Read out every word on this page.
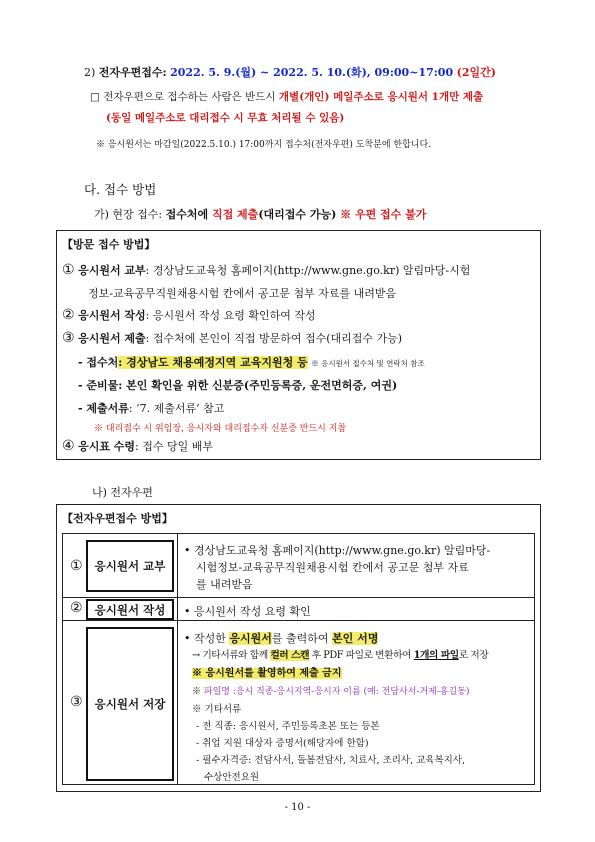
2) 전자우편접수: 2022. 5. 9.(월) ~ 2022. 5. 10.(화), 09:00~17:00 (2일간)
□ 전자우편으로 접수하는 사람은 반드시 개별(개인) 메일주소로 응시원서 1개만 제출
(동일 메일주소로 대리접수 시 무효 처리될 수 있음)
※ 응시원서는 마감일(2022.5.10.) 17:00까지 접수처(전자우편) 도착분에 한합니다.
다. 접수 방법
가) 현장 접수: 접수처에 직접 제출(대리접수 가능) ※ 우편 접수 불가
【방문 접수 방법】
① 응시원서 교부: 경상남도교육청 홈페이지(http://www.gne.go.kr) 알림마당-시험
정보-교육공무직원채용시험 칸에서 공고문 첨부 자료를 내려받음
② 응시원서 작성: 응시원서 작성 요령 확인하여 작성
③ 응시원서 제출: 접수처에 본인이 직접 방문하여 접수(대리접수 가능)
- 접수처: 경상남도 채용예정지역 교육지원청 등 ※ 응시원서 접수처 및 연락처 참조
- 준비물: 본인 확인을 위한 신분증(주민등록증, 운전면허증, 여권)
- 제출서류: ‘7. 제출서류’ 참고
※ 대리접수 시 위임장, 응시자와 대리접수자 신분증 반드시 지참
④ 응시표 수령: 접수 당일 배부
나) 전자우편
【전자우편접수 방법】
①	응시원서 교부
• 경상남도교육청 홈페이지(http://www.gne.go.kr) 알림마당-
시험정보-교육공무직원채용시험 칸에서 공고문 첨부 자료
를 내려받음
②	응시원서 작성	• 응시원서 작성 요령 확인
③	응시원서 저장
• 작성한 응시원서를 출력하여 본인 서명
→ 기타서류와 함께 컬러 스캔 후 PDF 파일로 변환하여 1개의 파일로 저장
※ 응시원서를 촬영하여 제출 금지
※ 파일명 :응시 직종-응시지역-응시자 이름 (예: 전담사서-거제-홍길동)
※ 기타서류
- 전 직종: 응시원서, 주민등록초본 또는 등본
- 취업 지원 대상자 증명서(해당자에 한함)
- 필수자격증: 전담사서, 돌봄전담사, 치료사, 조리사, 교육복지사,
수상안전요원
- 10 -
